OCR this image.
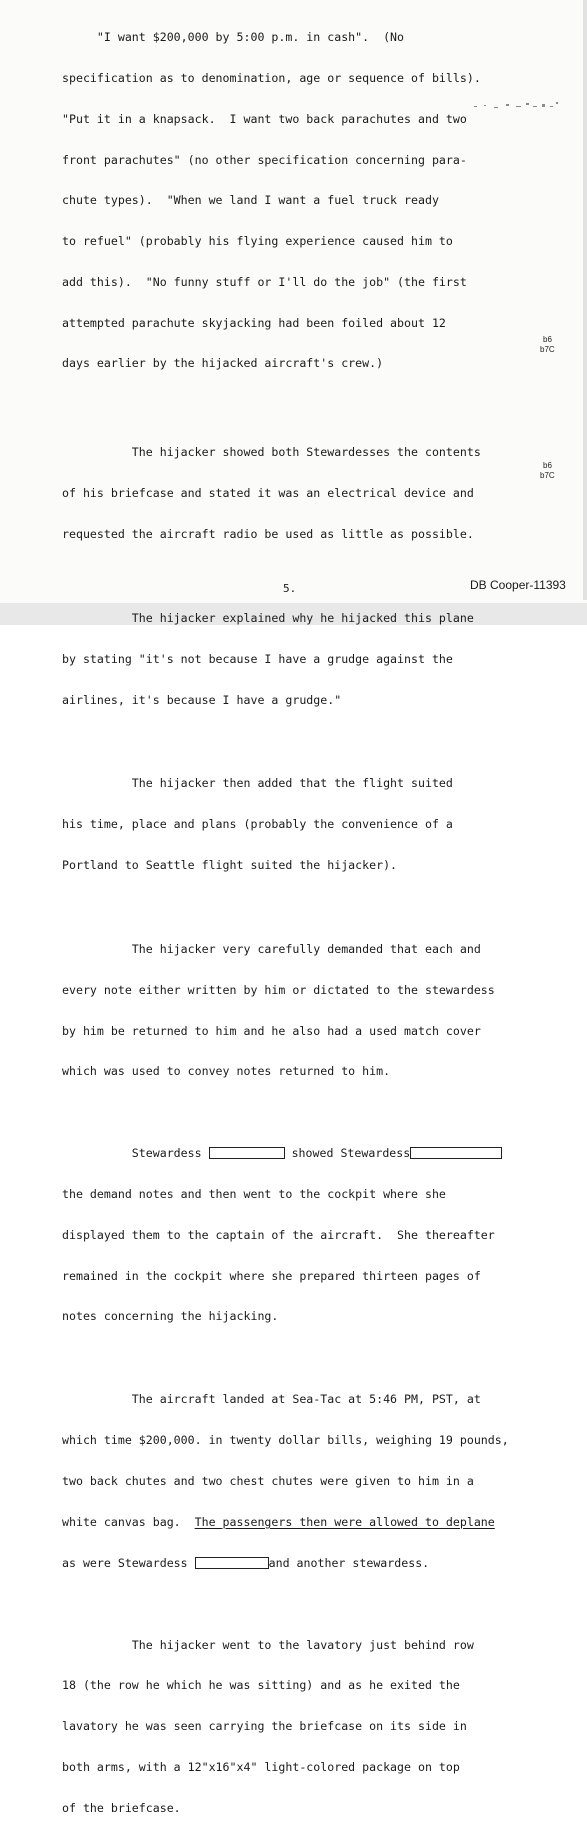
"I want $200,000 by 5:00 p.m. in cash".  (No

specification as to denomination, age or sequence of bills).

"Put it in a knapsack.  I want two back parachutes and two

front parachutes" (no other specification concerning para-

chute types).  "When we land I want a fuel truck ready

to refuel" (probably his flying experience caused him to

add this).  "No funny stuff or I'll do the job" (the first

attempted parachute skyjacking had been foiled about 12

days earlier by the hijacked aircraft's crew.)

The hijacker showed both Stewardesses the contents

of his briefcase and stated it was an electrical device and

requested the aircraft radio be used as little as possible.

The hijacker explained why he hijacked this plane

by stating "it's not because I have a grudge against the

airlines, it's because I have a grudge."

The hijacker then added that the flight suited

his time, place and plans (probably the convenience of a

Portland to Seattle flight suited the hijacker).

The hijacker very carefully demanded that each and

every note either written by him or dictated to the stewardess

by him be returned to him and he also had a used match cover

which was used to convey notes returned to him.

Stewardess	showed Stewardess

the demand notes and then went to the cockpit where she

displayed them to the captain of the aircraft.  She thereafter

remained in the cockpit where she prepared thirteen pages of

notes concerning the hijacking.

The aircraft landed at Sea-Tac at 5:46 PM, PST, at

which time $200,000. in twenty dollar bills, weighing 19 pounds,

two back chutes and two chest chutes were given to him in a

white canvas bag.  The passengers then were allowed to deplane

as were Stewardess	and another stewardess.

The hijacker went to the lavatory just behind row

18 (the row he which he was sitting) and as he exited the

lavatory he was seen carrying the briefcase on its side in

both arms, with a 12"x16"x4" light-colored package on top

of the briefcase.

b6
b7C
b6
b7C
5.	DB Cooper-11393
